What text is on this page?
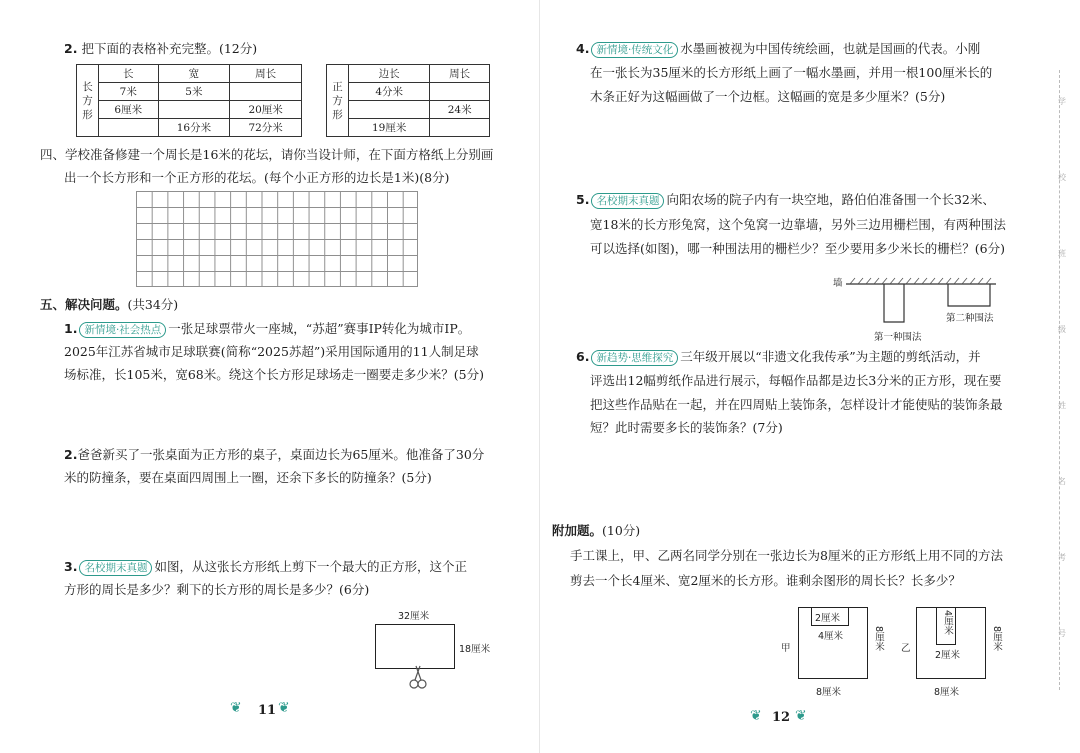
2. 把下面的表格补充完整。(12分)
长
方
形	长	宽	周长
	7米	5米	
	6厘米		20厘米
		16分米	72分米
正
方
形	边长	周长
	4分米	
		24米
	19厘米	
四、学校准备修建一个周长是16米的花坛，请你当设计师，在下面方格纸上分别画
出一个长方形和一个正方形的花坛。(每个小正方形的边长是1米)(8分)
五、解决问题。(共34分)
1. 新情境·社会热点 一张足球票带火一座城，“苏超”赛事IP转化为城市IP。
2025年江苏省城市足球联赛(简称“2025苏超”)采用国际通用的11人制足球
场标准，长105米，宽68米。绕这个长方形足球场走一圈要走多少米？(5分)
2.爸爸新买了一张桌面为正方形的桌子，桌面边长为65厘米。他准备了30分
米的防撞条，要在桌面四周围上一圈，还余下多长的防撞条？(5分)
3. 名校期末真题 如图，从这张长方形纸上剪下一个最大的正方形，这个正
方形的周长是多少？剩下的长方形的周长是多少？(6分)
32厘米
18厘米
❦ 11 ❦
4. 新情境·传统文化 水墨画被视为中国传统绘画，也就是国画的代表。小刚
在一张长为35厘米的长方形纸上画了一幅水墨画，并用一根100厘米长的
木条正好为这幅画做了一个边框。这幅画的宽是多少厘米？(5分)
5. 名校期末真题 向阳农场的院子内有一块空地，路伯伯准备围一个长32米、
宽18米的长方形兔窝，这个兔窝一边靠墙，另外三边用栅栏围，有两种围法
可以选择(如图)，哪一种围法用的栅栏少？至少要用多少米长的栅栏？(6分)
墙
第二种围法
第一种围法
6. 新趋势·思维探究 三年级开展以“非遗文化我传承”为主题的剪纸活动，并
评选出12幅剪纸作品进行展示，每幅作品都是边长3分米的正方形，现在要
把这些作品贴在一起，并在四周贴上装饰条，怎样设计才能使贴的装饰条最
短？此时需要多长的装饰条？(7分)
附加题。(10分)
手工课上，甲、乙两名同学分别在一张边长为8厘米的正方形纸上用不同的方法
剪去一个长4厘米、宽2厘米的长方形。谁剩余图形的周长长？长多少？
甲
2厘米
4厘米	8厘米
8厘米
乙
4厘米
2厘米
8厘米
8厘米
❦ 12 ❦
学
校
班
级
姓
名
考
号
